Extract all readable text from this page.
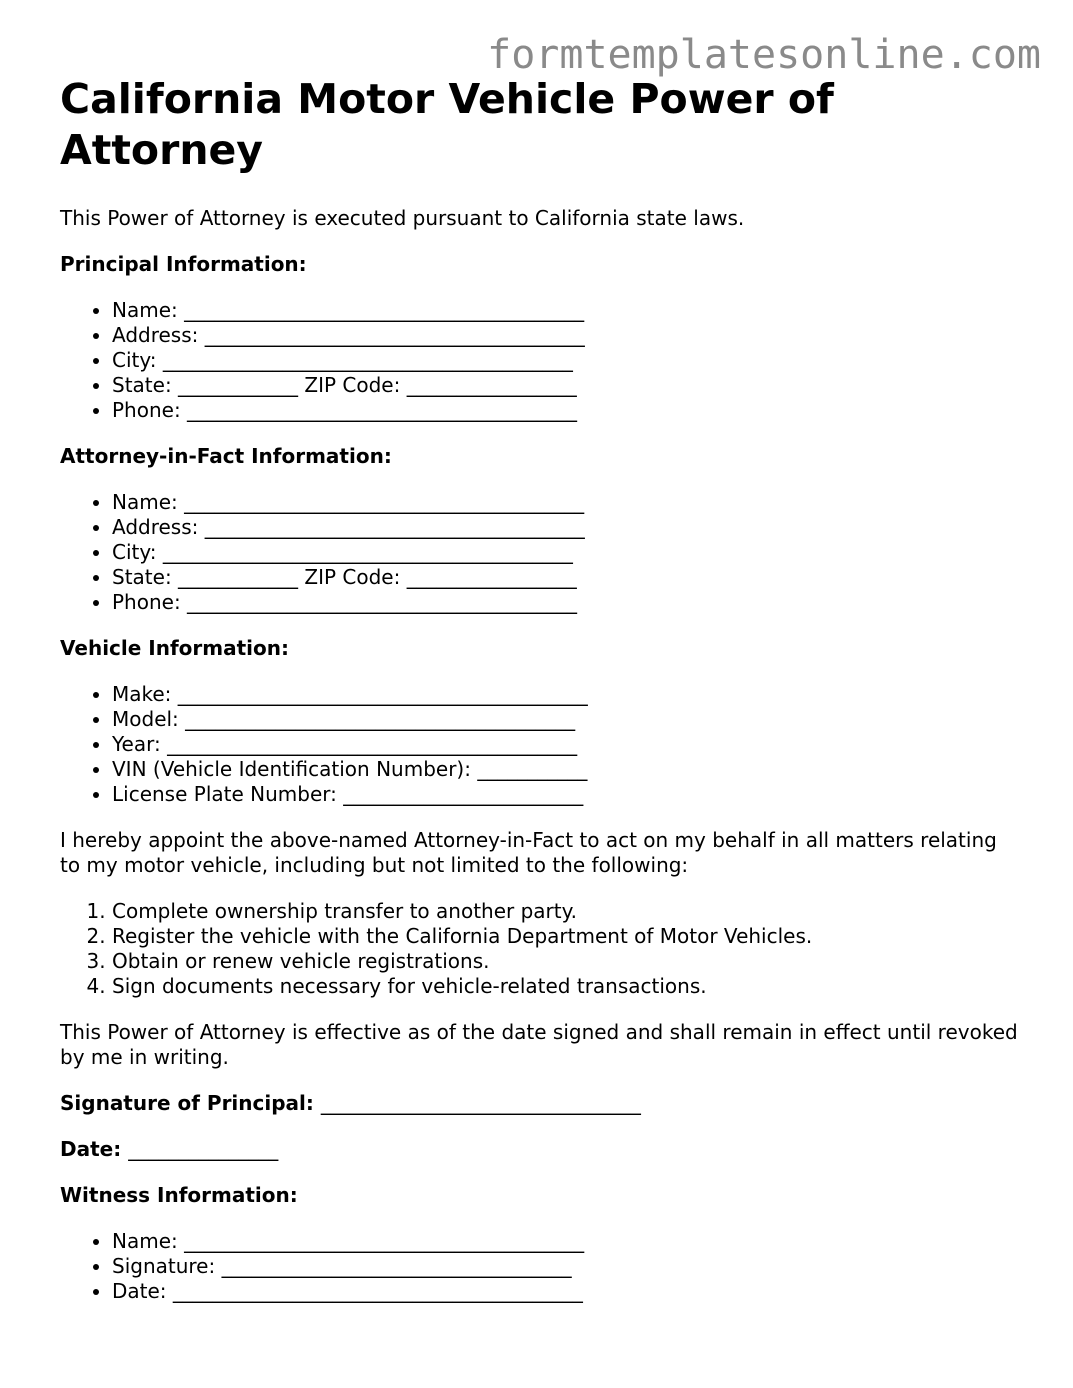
formtemplatesonline.com
California Motor Vehicle Power of Attorney

This Power of Attorney is executed pursuant to California state laws.

Principal Information:

• Name: ________________________________________
• Address: ______________________________________
• City: _________________________________________
• State: ____________ ZIP Code: _________________
• Phone: _______________________________________

Attorney-in-Fact Information:

• Name: ________________________________________
• Address: ______________________________________
• City: _________________________________________
• State: ____________ ZIP Code: _________________
• Phone: _______________________________________

Vehicle Information:

• Make: _________________________________________
• Model: _______________________________________
• Year: _________________________________________
• VIN (Vehicle Identification Number): ___________
• License Plate Number: ________________________

I hereby appoint the above-named Attorney-in-Fact to act on my behalf in all matters relating to my motor vehicle, including but not limited to the following:

1. Complete ownership transfer to another party.
2. Register the vehicle with the California Department of Motor Vehicles.
3. Obtain or renew vehicle registrations.
4. Sign documents necessary for vehicle-related transactions.

This Power of Attorney is effective as of the date signed and shall remain in effect until revoked by me in writing.

Signature of Principal: ________________________________

Date: _______________

Witness Information:

• Name: ________________________________________
• Signature: ___________________________________
• Date: _________________________________________
